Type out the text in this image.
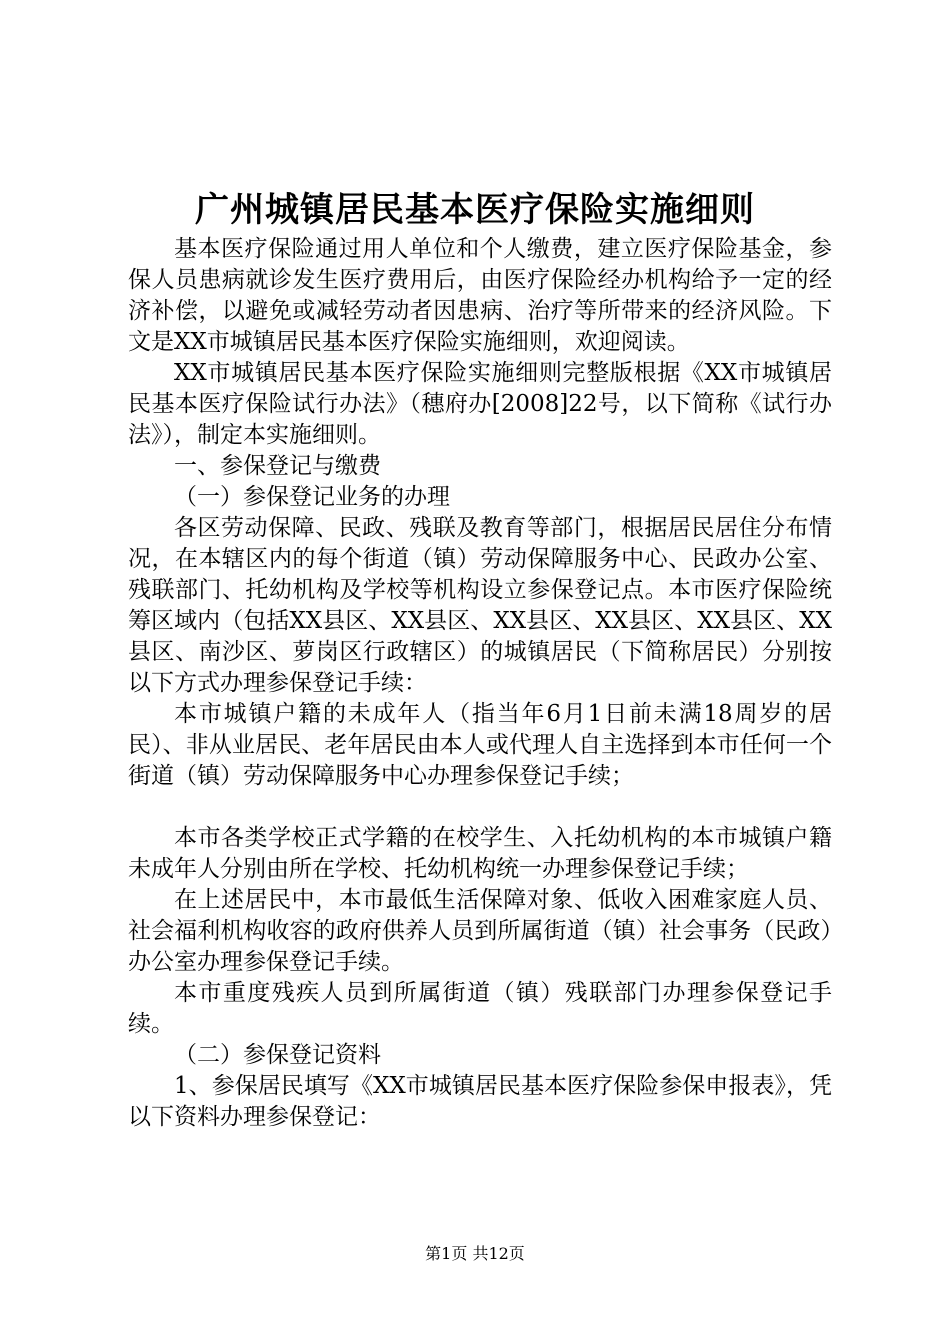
广州城镇居民基本医疗保险实施细则

基本医疗保险通过用人单位和个人缴费，建立医疗保险基金，参保人员患病就诊发生医疗费用后，由医疗保险经办机构给予一定的经济补偿，以避免或减轻劳动者因患病、治疗等所带来的经济风险。下文是XX市城镇居民基本医疗保险实施细则，欢迎阅读。

XX市城镇居民基本医疗保险实施细则完整版根据《XX市城镇居民基本医疗保险试行办法》（穗府办[2008]22号，以下简称《试行办法》），制定本实施细则。

一、参保登记与缴费

（一）参保登记业务的办理

各区劳动保障、民政、残联及教育等部门，根据居民居住分布情况，在本辖区内的每个街道（镇）劳动保障服务中心、民政办公室、残联部门、托幼机构及学校等机构设立参保登记点。本市医疗保险统筹区域内（包括XX县区、XX县区、XX县区、XX县区、XX县区、XX县区、南沙区、萝岗区行政辖区）的城镇居民（下简称居民）分别按以下方式办理参保登记手续：

本市城镇户籍的未成年人（指当年6月1日前未满18周岁的居民）、非从业居民、老年居民由本人或代理人自主选择到本市任何一个街道（镇）劳动保障服务中心办理参保登记手续；

本市各类学校正式学籍的在校学生、入托幼机构的本市城镇户籍未成年人分别由所在学校、托幼机构统一办理参保登记手续；

在上述居民中，本市最低生活保障对象、低收入困难家庭人员、社会福利机构收容的政府供养人员到所属街道（镇）社会事务（民政）办公室办理参保登记手续。

本市重度残疾人员到所属街道（镇）残联部门办理参保登记手续。

（二）参保登记资料

1、参保居民填写《XX市城镇居民基本医疗保险参保申报表》，凭以下资料办理参保登记：

第1页 共12页
